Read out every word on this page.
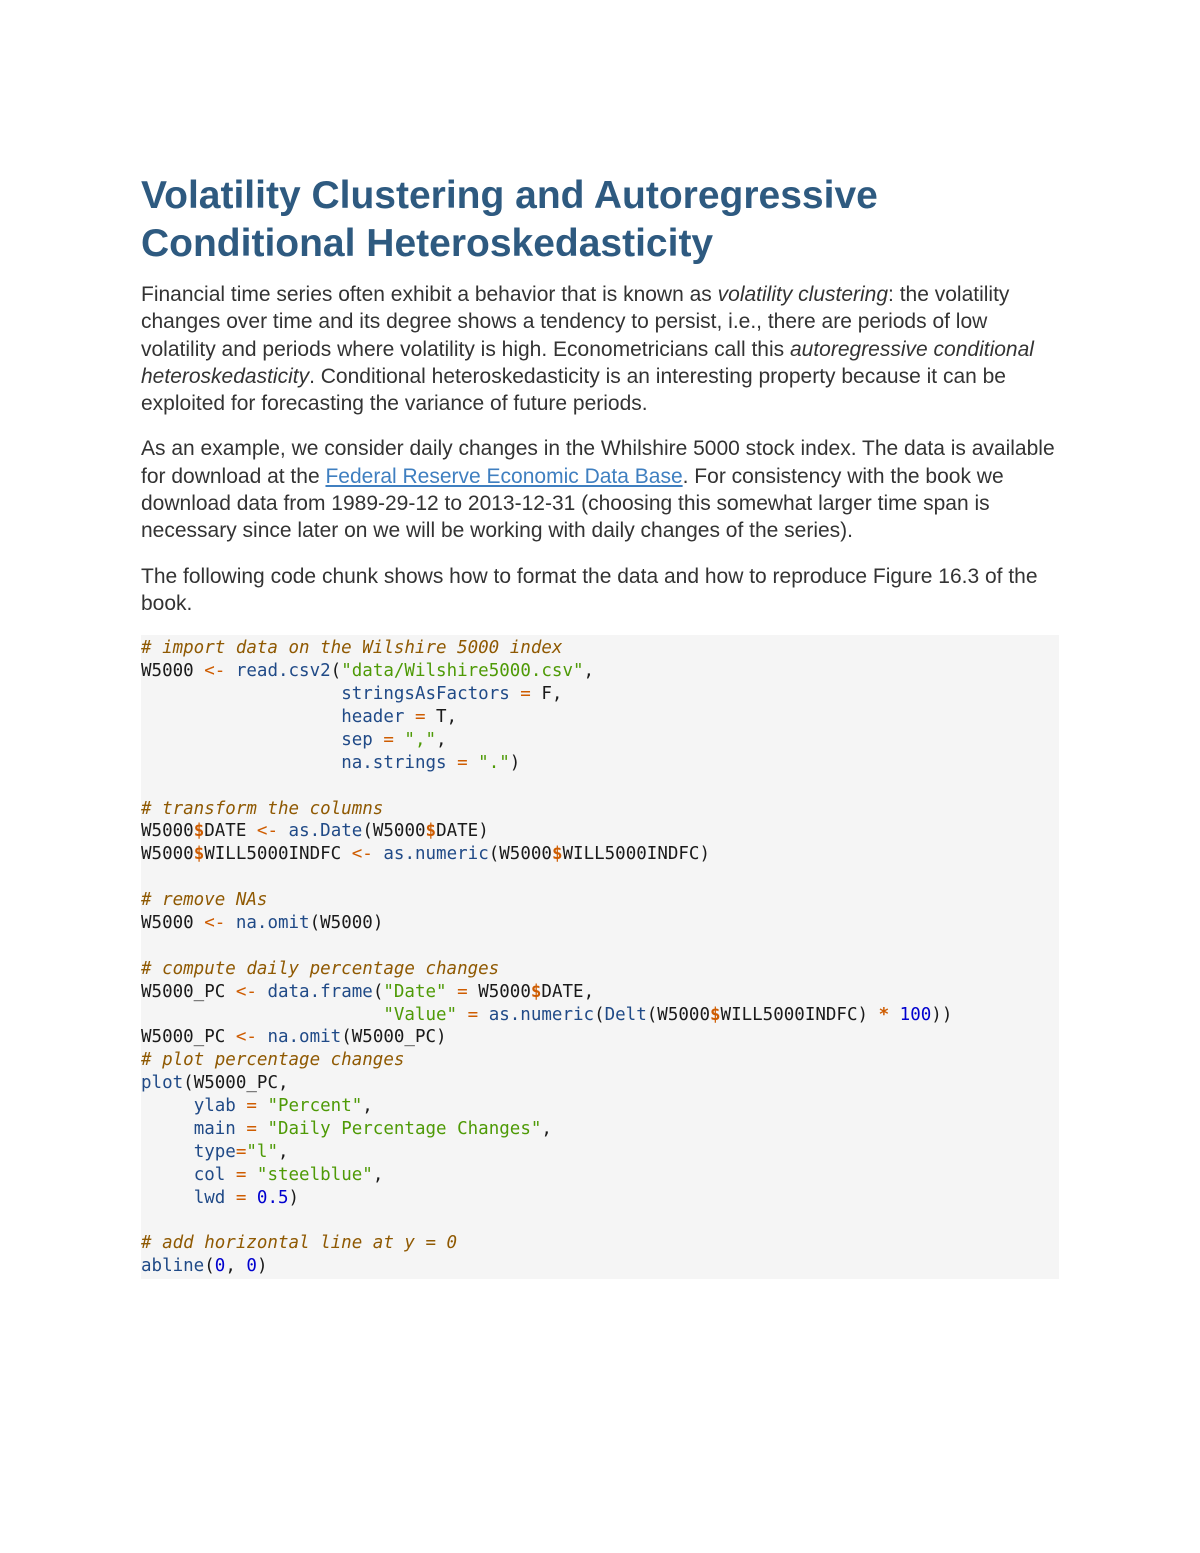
Volatility Clustering and Autoregressive
Conditional Heteroskedasticity

Financial time series often exhibit a behavior that is known as volatility clustering: the volatility changes over time and its degree shows a tendency to persist, i.e., there are periods of low volatility and periods where volatility is high. Econometricians call this autoregressive conditional heteroskedasticity. Conditional heteroskedasticity is an interesting property because it can be exploited for forecasting the variance of future periods.

As an example, we consider daily changes in the Whilshire 5000 stock index. The data is available for download at the Federal Reserve Economic Data Base. For consistency with the book we download data from 1989-29-12 to 2013-12-31 (choosing this somewhat larger time span is necessary since later on we will be working with daily changes of the series).

The following code chunk shows how to format the data and how to reproduce Figure 16.3 of the book.

# import data on the Wilshire 5000 index
W5000 <- read.csv2("data/Wilshire5000.csv",
stringsAsFactors = F,
header = T,
sep = ",",
na.strings = ".")
# transform the columns
W5000$DATE <- as.Date(W5000$DATE)
W5000$WILL5000INDFC <- as.numeric(W5000$WILL5000INDFC)
# remove NAs
W5000 <- na.omit(W5000)
# compute daily percentage changes
W5000_PC <- data.frame("Date" = W5000$DATE,
"Value" = as.numeric(Delt(W5000$WILL5000INDFC) * 100))
W5000_PC <- na.omit(W5000_PC)
# plot percentage changes
plot(W5000_PC,
ylab = "Percent",
main = "Daily Percentage Changes",
type="l",
col = "steelblue",
lwd = 0.5)
# add horizontal line at y = 0
abline(0, 0)
